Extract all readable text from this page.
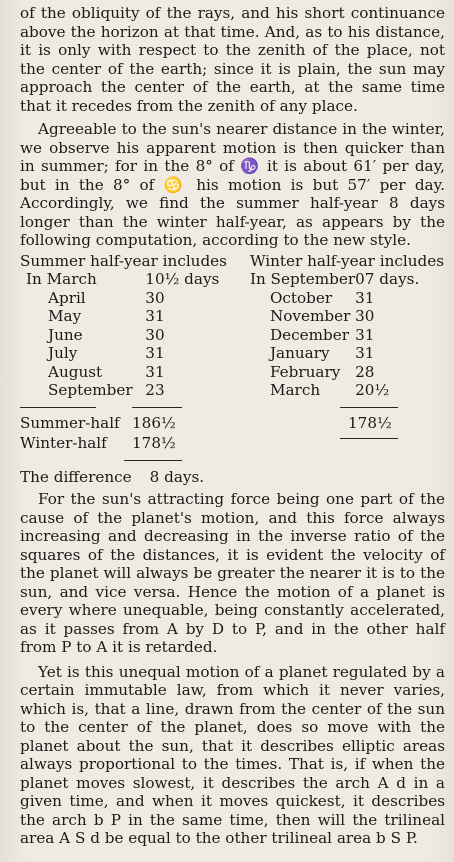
of the obliquity of the rays, and his short continuance above the horizon at that time. And, as to his distance, it is only with respect to the zenith of the place, not the center of the earth; since it is plain, the sun may approach the center of the earth, at the same time that it recedes from the zenith of any place.

Agreeable to the sun's nearer distance in the winter, we observe his apparent motion is then quicker than in summer; for in the 8° of ♑ it is about 61′ per day, but in the 8° of ♋ his motion is but 57′ per day. Accordingly, we find the summer half-year 8 days longer than the winter half-year, as appears by the following computation, according to the new style.

Summer half-year includes			Winter half-year includes	
In March	10½ days		In September	07 days.
April	30		October	31
May	31		November	30
June	30		December	31
July	31		January	31
August	31		February	28
September	23		March	20½
Summer-half 186½	178½
Winter-half 178½
The difference 8 days.

For the sun's attracting force being one part of the cause of the planet's motion, and this force always increasing and decreasing in the inverse ratio of the squares of the distances, it is evident the velocity of the planet will always be greater the nearer it is to the sun, and vice versa. Hence the motion of a planet is every where unequable, being constantly accelerated, as it passes from A by D to P, and in the other half from P to A it is retarded.

Yet is this unequal motion of a planet regulated by a certain immutable law, from which it never varies, which is, that a line, drawn from the center of the sun to the center of the planet, does so move with the planet about the sun, that it describes elliptic areas always proportional to the times. That is, if when the planet moves slowest, it describes the arch A d in a given time, and when it moves quickest, it describes the arch b P in the same time, then will the trilineal area A S d be equal to the other trilineal area b S P.
